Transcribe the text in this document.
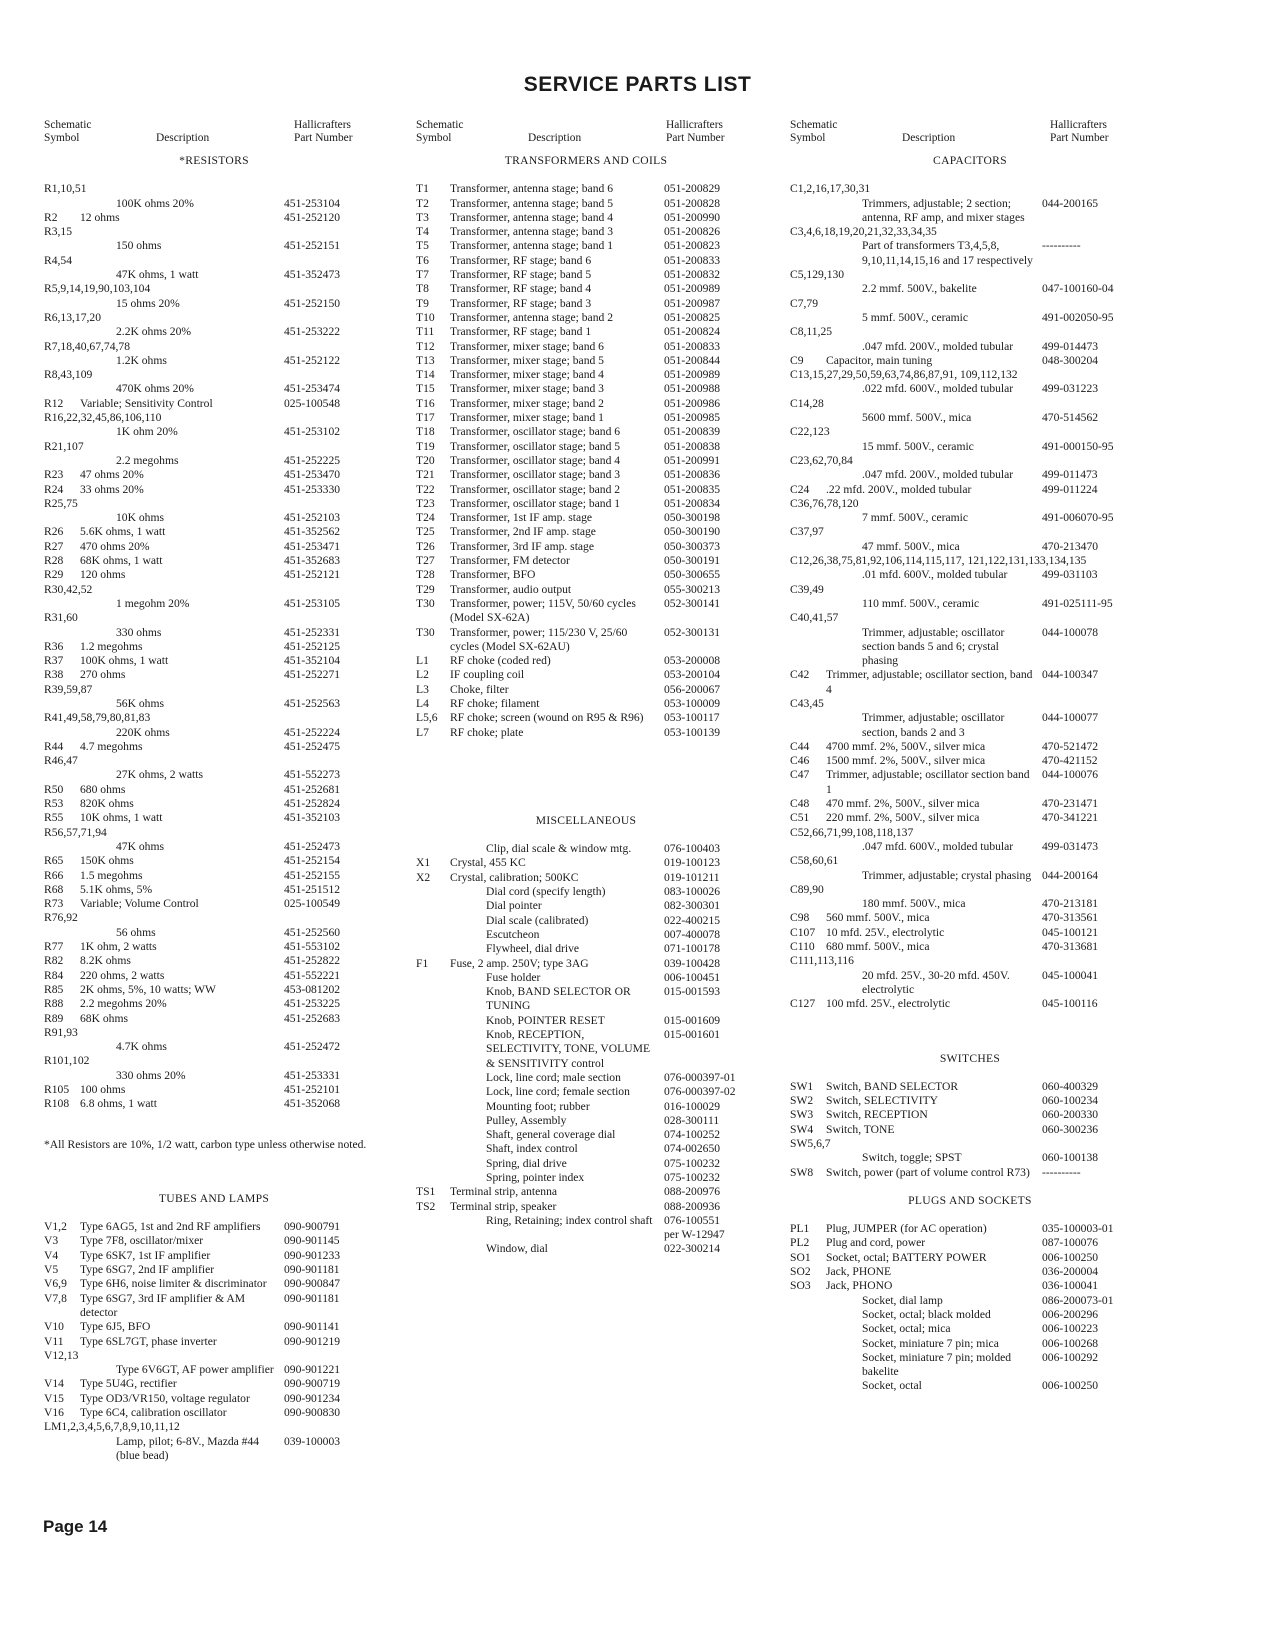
SERVICE PARTS LIST
Schematic
Symbol	Description
Hallicrafters
Part Number
*RESISTORS
R1,10,51
100K ohms 20%	451-253104
R2	12 ohms	451-252120
R3,15
150 ohms	451-252151
R4,54
47K ohms, 1 watt	451-352473
R5,9,14,19,90,103,104
15 ohms 20%	451-252150
R6,13,17,20
2.2K ohms 20%	451-253222
R7,18,40,67,74,78
1.2K ohms	451-252122
R8,43,109
470K ohms 20%	451-253474
R12	Variable; Sensitivity Control	025-100548
R16,22,32,45,86,106,110
1K ohm 20%	451-253102
R21,107
2.2 megohms	451-252225
R23	47 ohms 20%	451-253470
R24	33 ohms 20%	451-253330
R25,75
10K ohms	451-252103
R26	5.6K ohms, 1 watt	451-352562
R27	470 ohms 20%	451-253471
R28	68K ohms, 1 watt	451-352683
R29	120 ohms	451-252121
R30,42,52
1 megohm 20%	451-253105
R31,60
330 ohms	451-252331
R36	1.2 megohms	451-252125
R37	100K ohms, 1 watt	451-352104
R38	270 ohms	451-252271
R39,59,87
56K ohms	451-252563
R41,49,58,79,80,81,83
220K ohms	451-252224
R44	4.7 megohms	451-252475
R46,47
27K ohms, 2 watts	451-552273
R50	680 ohms	451-252681
R53	820K ohms	451-252824
R55	10K ohms, 1 watt	451-352103
R56,57,71,94
47K ohms	451-252473
R65	150K ohms	451-252154
R66	1.5 megohms	451-252155
R68	5.1K ohms, 5%	451-251512
R73	Variable; Volume Control	025-100549
R76,92
56 ohms	451-252560
R77	1K ohm, 2 watts	451-553102
R82	8.2K ohms	451-252822
R84	220 ohms, 2 watts	451-552221
R85	2K ohms, 5%, 10 watts; WW	453-081202
R88	2.2 megohms 20%	451-253225
R89	68K ohms	451-252683
R91,93
4.7K ohms	451-252472
R101,102
330 ohms 20%	451-253331
R105 100 ohms	451-252101
R108 6.8 ohms, 1 watt	451-352068
*All Resistors are 10%, 1/2 watt, carbon type unless otherwise noted.
TUBES AND LAMPS
V1,2	Type 6AG5, 1st and 2nd RF amplifiers	090-900791
V3	Type 7F8, oscillator/mixer	090-901145
V4	Type 6SK7, 1st IF amplifier	090-901233
V5	Type 6SG7, 2nd IF amplifier	090-901181
V6,9	Type 6H6, noise limiter & discriminator	090-900847
V7,8	Type 6SG7, 3rd IF amplifier & AM detector
090-901181
V10	Type 6J5, BFO	090-901141
V11	Type 6SL7GT, phase inverter	090-901219
V12,13
Type 6V6GT, AF power amplifier 090-901221
V14	Type 5U4G, rectifier	090-900719
V15	Type OD3/VR150, voltage regulator	090-901234
V16	Type 6C4, calibration oscillator	090-900830
LM1,2,3,4,5,6,7,8,9,10,11,12
Lamp, pilot; 6-8V., Mazda #44 (blue bead)
039-100003
Schematic
Symbol	Description
Hallicrafters
Part Number
TRANSFORMERS AND COILS
T1	Transformer, antenna stage; band 6	051-200829
T2	Transformer, antenna stage; band 5	051-200828
T3	Transformer, antenna stage; band 4	051-200990
T4	Transformer, antenna stage; band 3	051-200826
T5	Transformer, antenna stage; band 1	051-200823
T6	Transformer, RF stage; band 6	051-200833
T7	Transformer, RF stage; band 5	051-200832
T8	Transformer, RF stage; band 4	051-200989
T9	Transformer, RF stage; band 3	051-200987
T10	Transformer, antenna stage; band 2	051-200825
T11	Transformer, RF stage; band 1	051-200824
T12	Transformer, mixer stage; band 6	051-200833
T13	Transformer, mixer stage; band 5	051-200844
T14	Transformer, mixer stage; band 4	051-200989
T15	Transformer, mixer stage; band 3	051-200988
T16	Transformer, mixer stage; band 2	051-200986
T17	Transformer, mixer stage; band 1	051-200985
T18	Transformer, oscillator stage; band 6	051-200839
T19	Transformer, oscillator stage; band 5	051-200838
T20	Transformer, oscillator stage; band 4	051-200991
T21	Transformer, oscillator stage; band 3	051-200836
T22	Transformer, oscillator stage; band 2	051-200835
T23	Transformer, oscillator stage; band 1	051-200834
T24	Transformer, 1st IF amp. stage	050-300198
T25	Transformer, 2nd IF amp. stage	050-300190
T26	Transformer, 3rd IF amp. stage	050-300373
T27	Transformer, FM detector	050-300191
T28	Transformer, BFO	050-300655
T29	Transformer, audio output	055-300213
T30	Transformer, power; 115V, 50/60 cycles (Model SX-62A)
052-300141
T30	Transformer, power; 115/230 V, 25/60 cycles (Model SX-62AU)
052-300131
L1	RF choke (coded red)	053-200008
L2	IF coupling coil	053-200104
L3	Choke, filter	056-200067
L4	RF choke; filament	053-100009
L5,6	RF choke; screen (wound on R95 & R96)	053-100117
L7	RF choke; plate	053-100139
MISCELLANEOUS
Clip, dial scale & window mtg.	076-100403
X1	Crystal, 455 KC	019-100123
X2	Crystal, calibration; 500KC	019-101211
Dial cord (specify length)	083-100026
Dial pointer	082-300301
Dial scale (calibrated)	022-400215
Escutcheon	007-400078
Flywheel, dial drive	071-100178
F1	Fuse, 2 amp. 250V; type 3AG	039-100428
Fuse holder	006-100451
Knob, BAND SELECTOR OR TUNING
015-001593
Knob, POINTER RESET	015-001609
Knob, RECEPTION, SELECTIVITY, TONE, VOLUME & SENSITIVITY control
015-001601
Lock, line cord; male section	076-000397-01
Lock, line cord; female section	076-000397-02
Mounting foot; rubber	016-100029
Pulley, Assembly	028-300111
Shaft, general coverage dial	074-100252
Shaft, index control	074-002650
Spring, dial drive	075-100232
Spring, pointer index	075-100232
TS1	Terminal strip, antenna	088-200976
TS2	Terminal strip, speaker	088-200936
Ring, Retaining; index control shaft 076-100551
per W-12947
Window, dial	022-300214
Schematic
Symbol	Description
Hallicrafters
Part Number
CAPACITORS
C1,2,16,17,30,31
Trimmers, adjustable; 2 section; antenna, RF amp, and mixer stages
044-200165
C3,4,6,18,19,20,21,32,33,34,35
Part of transformers T3,4,5,8, 9,10,11,14,15,16 and 17 respectively
----------
C5,129,130
2.2 mmf. 500V., bakelite	047-100160-04
C7,79
5 mmf. 500V., ceramic	491-002050-95
C8,11,25
.047 mfd. 200V., molded tubular	499-014473
C9	Capacitor, main tuning	048-300204
C13,15,27,29,50,59,63,74,86,87,91, 109,112,132
.022 mfd. 600V., molded tubular	499-031223
C14,28
5600 mmf. 500V., mica	470-514562
C22,123
15 mmf. 500V., ceramic	491-000150-95
C23,62,70,84
.047 mfd. 200V., molded tubular	499-011473
C24	.22 mfd. 200V., molded tubular	499-011224
C36,76,78,120
7 mmf. 500V., ceramic	491-006070-95
C37,97
47 mmf. 500V., mica	470-213470
C12,26,38,75,81,92,106,114,115,117, 121,122,131,133,134,135
.01 mfd. 600V., molded tubular	499-031103
C39,49
110 mmf. 500V., ceramic	491-025111-95
C40,41,57
Trimmer, adjustable; oscillator section bands 5 and 6; crystal phasing
044-100078
C42	Trimmer, adjustable; oscillator section, band 4
044-100347
C43,45
Trimmer, adjustable; oscillator section, bands 2 and 3
044-100077
C44	4700 mmf. 2%, 500V., silver mica	470-521472
C46	1500 mmf. 2%, 500V., silver mica	470-421152
C47	Trimmer, adjustable; oscillator section band 1
044-100076
C48	470 mmf. 2%, 500V., silver mica	470-231471
C51	220 mmf. 2%, 500V., silver mica	470-341221
C52,66,71,99,108,118,137
.047 mfd. 600V., molded tubular	499-031473
C58,60,61
Trimmer, adjustable; crystal phasing 044-200164
C89,90
180 mmf. 500V., mica	470-213181
C98	560 mmf. 500V., mica	470-313561
C107 10 mfd. 25V., electrolytic	045-100121
C110 680 mmf. 500V., mica	470-313681
C111,113,116
20 mfd. 25V., 30-20 mfd. 450V. electrolytic
045-100041
C127 100 mfd. 25V., electrolytic	045-100116
SWITCHES
SW1	Switch, BAND SELECTOR	060-400329
SW2	Switch, SELECTIVITY	060-100234
SW3	Switch, RECEPTION	060-200330
SW4	Switch, TONE	060-300236
SW5,6,7
Switch, toggle; SPST	060-100138
SW8	Switch, power (part of volume control R73)	----------
PLUGS AND SOCKETS
PL1	Plug, JUMPER (for AC operation)	035-100003-01
PL2	Plug and cord, power	087-100076
SO1	Socket, octal; BATTERY POWER	006-100250
SO2	Jack, PHONE	036-200004
SO3	Jack, PHONO	036-100041
Socket, dial lamp	086-200073-01
Socket, octal; black molded	006-200296
Socket, octal; mica	006-100223
Socket, miniature 7 pin; mica	006-100268
Socket, miniature 7 pin; molded bakelite
006-100292
Socket, octal	006-100250
Page 14
